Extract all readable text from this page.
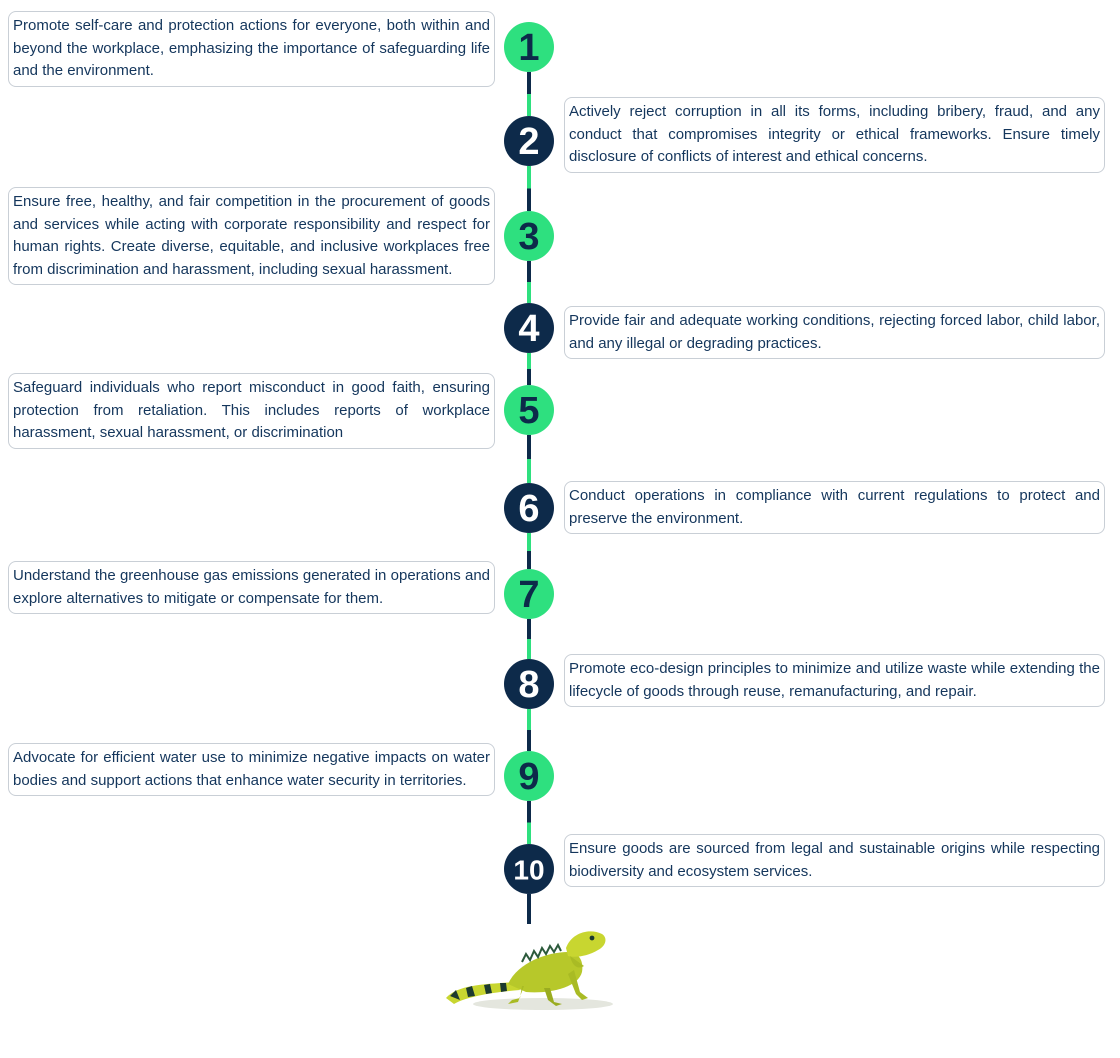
1
2
3
4
5
6
7
8
9
10
Promote self-care and protection actions for everyone, both within and beyond the workplace, emphasizing the importance of safeguarding life and the environment.
Actively reject corruption in all its forms, including bribery, fraud, and any conduct that compromises integrity or ethical frameworks. Ensure timely disclosure of conflicts of interest and ethical concerns.
Ensure free, healthy, and fair competition in the procurement of goods and services while acting with corporate responsibility and respect for human rights. Create diverse, equitable, and inclusive workplaces free from discrimination and harassment, including sexual harassment.
Provide fair and adequate working conditions, rejecting forced labor, child labor, and any illegal or degrading practices.
Safeguard individuals who report misconduct in good faith, ensuring protection from retaliation. This includes reports of workplace harassment, sexual harassment, or discrimination
Conduct operations in compliance with current regulations to protect and preserve the environment.
Understand the greenhouse gas emissions generated in operations and explore alternatives to mitigate or compensate for them.
Promote eco-design principles to minimize and utilize waste while extending the lifecycle of goods through reuse, remanufacturing, and repair.
Advocate for efficient water use to minimize negative impacts on water bodies and support actions that enhance water security in territories.
Ensure goods are sourced from legal and sustainable origins while respecting biodiversity and ecosystem services.
